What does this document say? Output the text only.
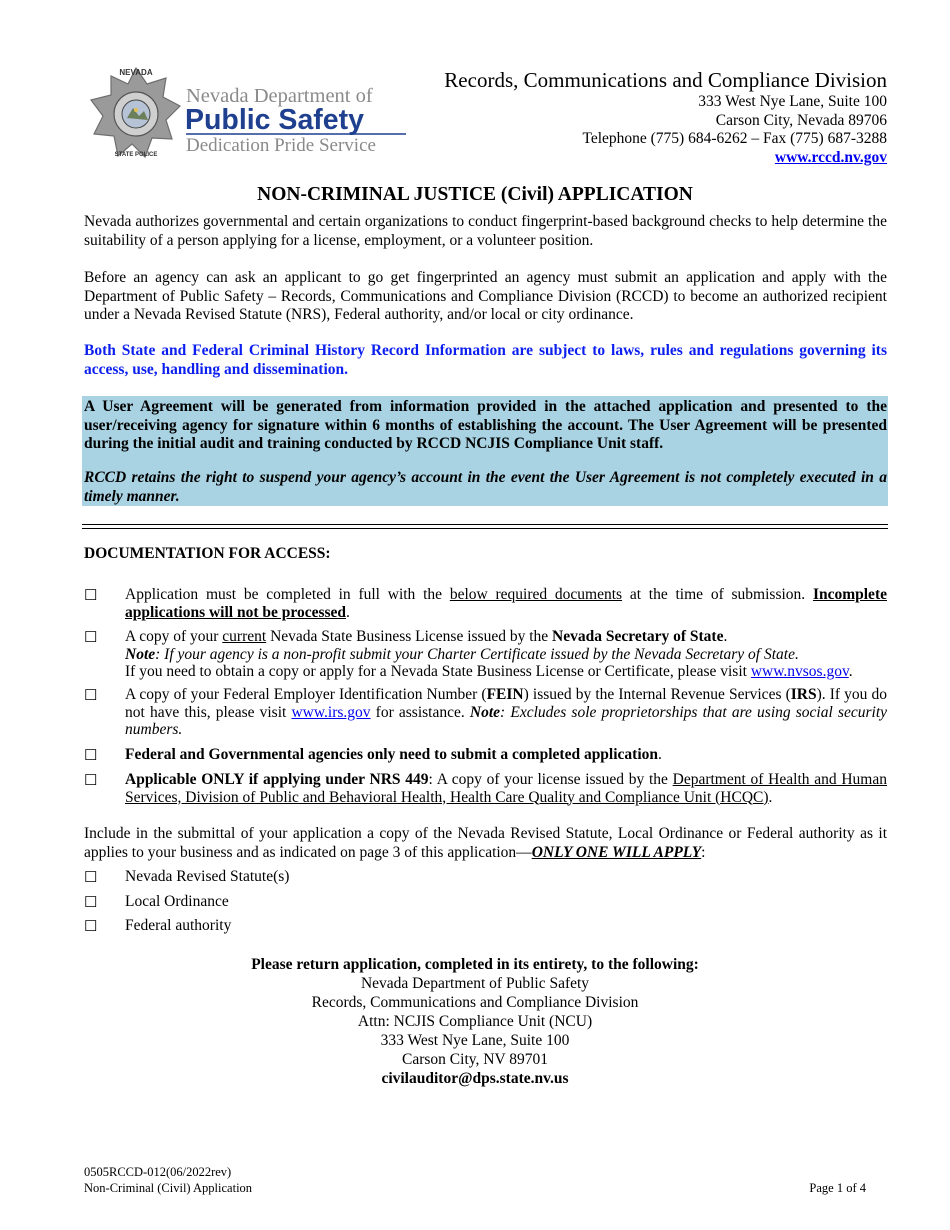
NEVADA
STATE POLICE
Nevada Department of
Public Safety
Dedication Pride Service
Records, Communications and Compliance Division
333 West Nye Lane, Suite 100
Carson City, Nevada 89706
Telephone (775) 684-6262 – Fax (775) 687-3288
www.rccd.nv.gov
NON-CRIMINAL JUSTICE (Civil) APPLICATION
Nevada authorizes governmental and certain organizations to conduct fingerprint-based background checks to help determine the suitability of a person applying for a license, employment, or a volunteer position.
Before an agency can ask an applicant to go get fingerprinted an agency must submit an application and apply with the Department of Public Safety – Records, Communications and Compliance Division (RCCD) to become an authorized recipient under a Nevada Revised Statute (NRS), Federal authority, and/or local or city ordinance.
Both State and Federal Criminal History Record Information are subject to laws, rules and regulations governing its access, use, handling and dissemination.
A User Agreement will be generated from information provided in the attached application and presented to the user/receiving agency for signature within 6 months of establishing the account. The User Agreement will be presented during the initial audit and training conducted by RCCD NCJIS Compliance Unit staff.
RCCD retains the right to suspend your agency’s account in the event the User Agreement is not completely executed in a timely manner.
DOCUMENTATION FOR ACCESS:
☐ Application must be completed in full with the below required documents at the time of submission. Incomplete applications will not be processed.
☐ A copy of your current Nevada State Business License issued by the Nevada Secretary of State.
Note: If your agency is a non-profit submit your Charter Certificate issued by the Nevada Secretary of State.
If you need to obtain a copy or apply for a Nevada State Business License or Certificate, please visit www.nvsos.gov.
☐ A copy of your Federal Employer Identification Number (FEIN) issued by the Internal Revenue Services (IRS). If you do not have this, please visit www.irs.gov for assistance. Note: Excludes sole proprietorships that are using social security numbers.
☐ Federal and Governmental agencies only need to submit a completed application.
☐ Applicable ONLY if applying under NRS 449: A copy of your license issued by the Department of Health and Human Services, Division of Public and Behavioral Health, Health Care Quality and Compliance Unit (HCQC).
Include in the submittal of your application a copy of the Nevada Revised Statute, Local Ordinance or Federal authority as it applies to your business and as indicated on page 3 of this application—ONLY ONE WILL APPLY:
☐ Nevada Revised Statute(s)
☐ Local Ordinance
☐ Federal authority
Please return application, completed in its entirety, to the following:
Nevada Department of Public Safety
Records, Communications and Compliance Division
Attn: NCJIS Compliance Unit (NCU)
333 West Nye Lane, Suite 100
Carson City, NV 89701
civilauditor@dps.state.nv.us
0505RCCD-012(06/2022rev)
Non-Criminal (Civil) Application	Page 1 of 4
